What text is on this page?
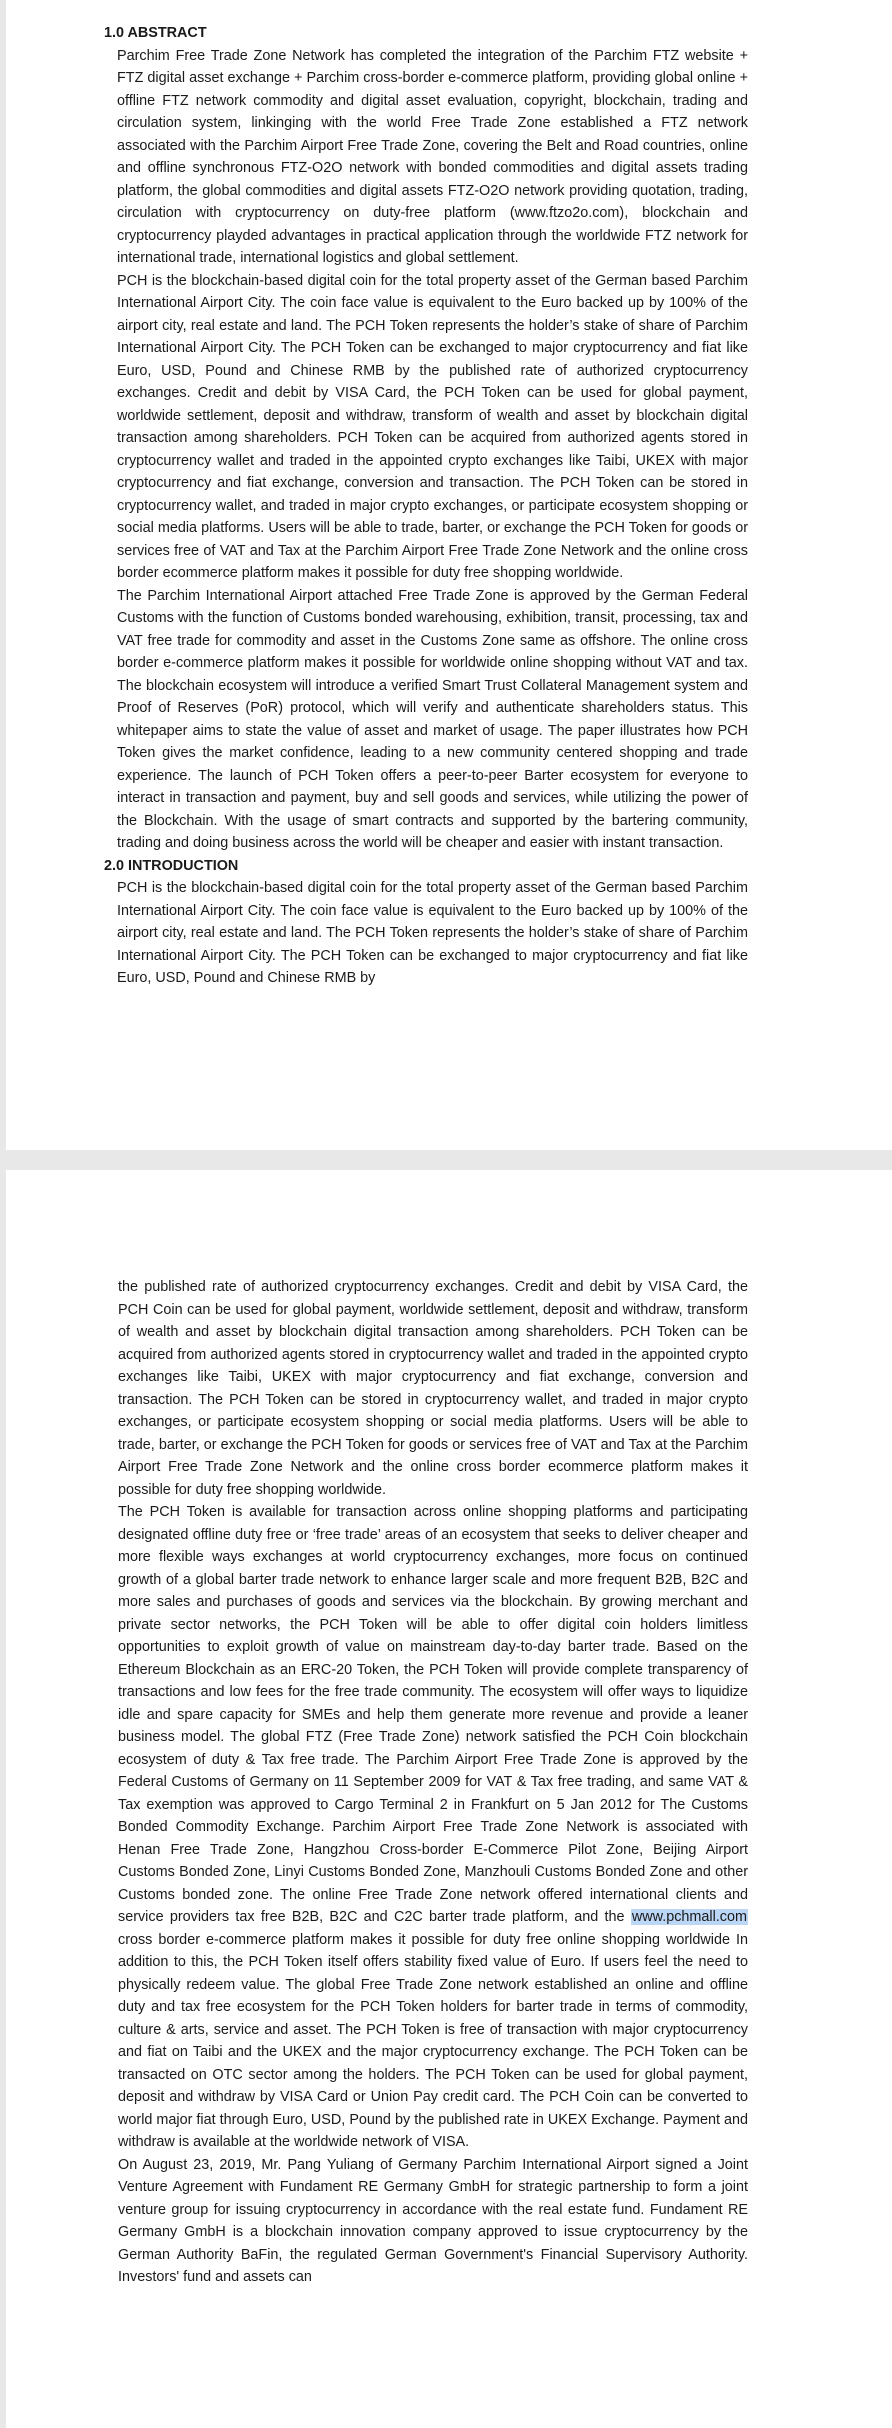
1.0 ABSTRACT

Parchim Free Trade Zone Network has completed the integration of the Parchim FTZ website + FTZ digital asset exchange + Parchim cross-border e-commerce platform, providing global online + offline FTZ network commodity and digital asset evaluation, copyright, blockchain, trading and circulation system, linkinging with the world Free Trade Zone established a FTZ network associated with the Parchim Airport Free Trade Zone, covering the Belt and Road countries, online and offline synchronous FTZ-O2O network with bonded commodities and digital assets trading platform, the global commodities and digital assets FTZ-O2O network providing quotation, trading, circulation with cryptocurrency on duty-free platform (www.ftzo2o.com), blockchain and cryptocurrency playded advantages in practical application through the worldwide FTZ network for international trade, international logistics and global settlement.

PCH is the blockchain-based digital coin for the total property asset of the German based Parchim International Airport City. The coin face value is equivalent to the Euro backed up by 100% of the airport city, real estate and land. The PCH Token represents the holder’s stake of share of Parchim International Airport City. The PCH Token can be exchanged to major cryptocurrency and fiat like Euro, USD, Pound and Chinese RMB by the published rate of authorized cryptocurrency exchanges. Credit and debit by VISA Card, the PCH Token can be used for global payment, worldwide settlement, deposit and withdraw, transform of wealth and asset by blockchain digital transaction among shareholders. PCH Token can be acquired from authorized agents stored in cryptocurrency wallet and traded in the appointed crypto exchanges like Taibi, UKEX with major cryptocurrency and fiat exchange, conversion and transaction. The PCH Token can be stored in cryptocurrency wallet, and traded in major crypto exchanges, or participate ecosystem shopping or social media platforms. Users will be able to trade, barter, or exchange the PCH Token for goods or services free of VAT and Tax at the Parchim Airport Free Trade Zone Network and the online cross border ecommerce platform makes it possible for duty free shopping worldwide.

The Parchim International Airport attached Free Trade Zone is approved by the German Federal Customs with the function of Customs bonded warehousing, exhibition, transit, processing, tax and VAT free trade for commodity and asset in the Customs Zone same as offshore. The online cross border e-commerce platform makes it possible for worldwide online shopping without VAT and tax. The blockchain ecosystem will introduce a verified Smart Trust Collateral Management system and Proof of Reserves (PoR) protocol, which will verify and authenticate shareholders status. This whitepaper aims to state the value of asset and market of usage. The paper illustrates how PCH Token gives the market confidence, leading to a new community centered shopping and trade experience. The launch of PCH Token offers a peer-to-peer Barter ecosystem for everyone to interact in transaction and payment, buy and sell goods and services, while utilizing the power of the Blockchain. With the usage of smart contracts and supported by the bartering community, trading and doing business across the world will be cheaper and easier with instant transaction.

2.0 INTRODUCTION

PCH is the blockchain-based digital coin for the total property asset of the German based Parchim International Airport City. The coin face value is equivalent to the Euro backed up by 100% of the airport city, real estate and land. The PCH Token represents the holder’s stake of share of Parchim International Airport City. The PCH Token can be exchanged to major cryptocurrency and fiat like Euro, USD, Pound and Chinese RMB by

the published rate of authorized cryptocurrency exchanges. Credit and debit by VISA Card, the PCH Coin can be used for global payment, worldwide settlement, deposit and withdraw, transform of wealth and asset by blockchain digital transaction among shareholders. PCH Token can be acquired from authorized agents stored in cryptocurrency wallet and traded in the appointed crypto exchanges like Taibi, UKEX with major cryptocurrency and fiat exchange, conversion and transaction. The PCH Token can be stored in cryptocurrency wallet, and traded in major crypto exchanges, or participate ecosystem shopping or social media platforms. Users will be able to trade, barter, or exchange the PCH Token for goods or services free of VAT and Tax at the Parchim Airport Free Trade Zone Network and the online cross border ecommerce platform makes it possible for duty free shopping worldwide.

The PCH Token is available for transaction across online shopping platforms and participating designated offline duty free or ‘free trade’ areas of an ecosystem that seeks to deliver cheaper and more flexible ways exchanges at world cryptocurrency exchanges, more focus on continued growth of a global barter trade network to enhance larger scale and more frequent B2B, B2C and more sales and purchases of goods and services via the blockchain. By growing merchant and private sector networks, the PCH Token will be able to offer digital coin holders limitless opportunities to exploit growth of value on mainstream day-to-day barter trade. Based on the Ethereum Blockchain as an ERC-20 Token, the PCH Token will provide complete transparency of transactions and low fees for the free trade community. The ecosystem will offer ways to liquidize idle and spare capacity for SMEs and help them generate more revenue and provide a leaner business model. The global FTZ (Free Trade Zone) network satisfied the PCH Coin blockchain ecosystem of duty & Tax free trade. The Parchim Airport Free Trade Zone is approved by the Federal Customs of Germany on 11 September 2009 for VAT & Tax free trading, and same VAT & Tax exemption was approved to Cargo Terminal 2 in Frankfurt on 5 Jan 2012 for The Customs Bonded Commodity Exchange. Parchim Airport Free Trade Zone Network is associated with Henan Free Trade Zone, Hangzhou Cross-border E-Commerce Pilot Zone, Beijing Airport Customs Bonded Zone, Linyi Customs Bonded Zone, Manzhouli Customs Bonded Zone and other Customs bonded zone. The online Free Trade Zone network offered international clients and service providers tax free B2B, B2C and C2C barter trade platform, and the www.pchmall.com cross border e-commerce platform makes it possible for duty free online shopping worldwide In addition to this, the PCH Token itself offers stability fixed value of Euro. If users feel the need to physically redeem value. The global Free Trade Zone network established an online and offline duty and tax free ecosystem for the PCH Token holders for barter trade in terms of commodity, culture & arts, service and asset. The PCH Token is free of transaction with major cryptocurrency and fiat on Taibi and the UKEX and the major cryptocurrency exchange. The PCH Token can be transacted on OTC sector among the holders. The PCH Token can be used for global payment, deposit and withdraw by VISA Card or Union Pay credit card. The PCH Coin can be converted to world major fiat through Euro, USD, Pound by the published rate in UKEX Exchange. Payment and withdraw is available at the worldwide network of VISA.

On August 23, 2019, Mr. Pang Yuliang of Germany Parchim International Airport signed a Joint Venture Agreement with Fundament RE Germany GmbH for strategic partnership to form a joint venture group for issuing cryptocurrency in accordance with the real estate fund. Fundament RE Germany GmbH is a blockchain innovation company approved to issue cryptocurrency by the German Authority BaFin, the regulated German Government's Financial Supervisory Authority. Investors' fund and assets can
